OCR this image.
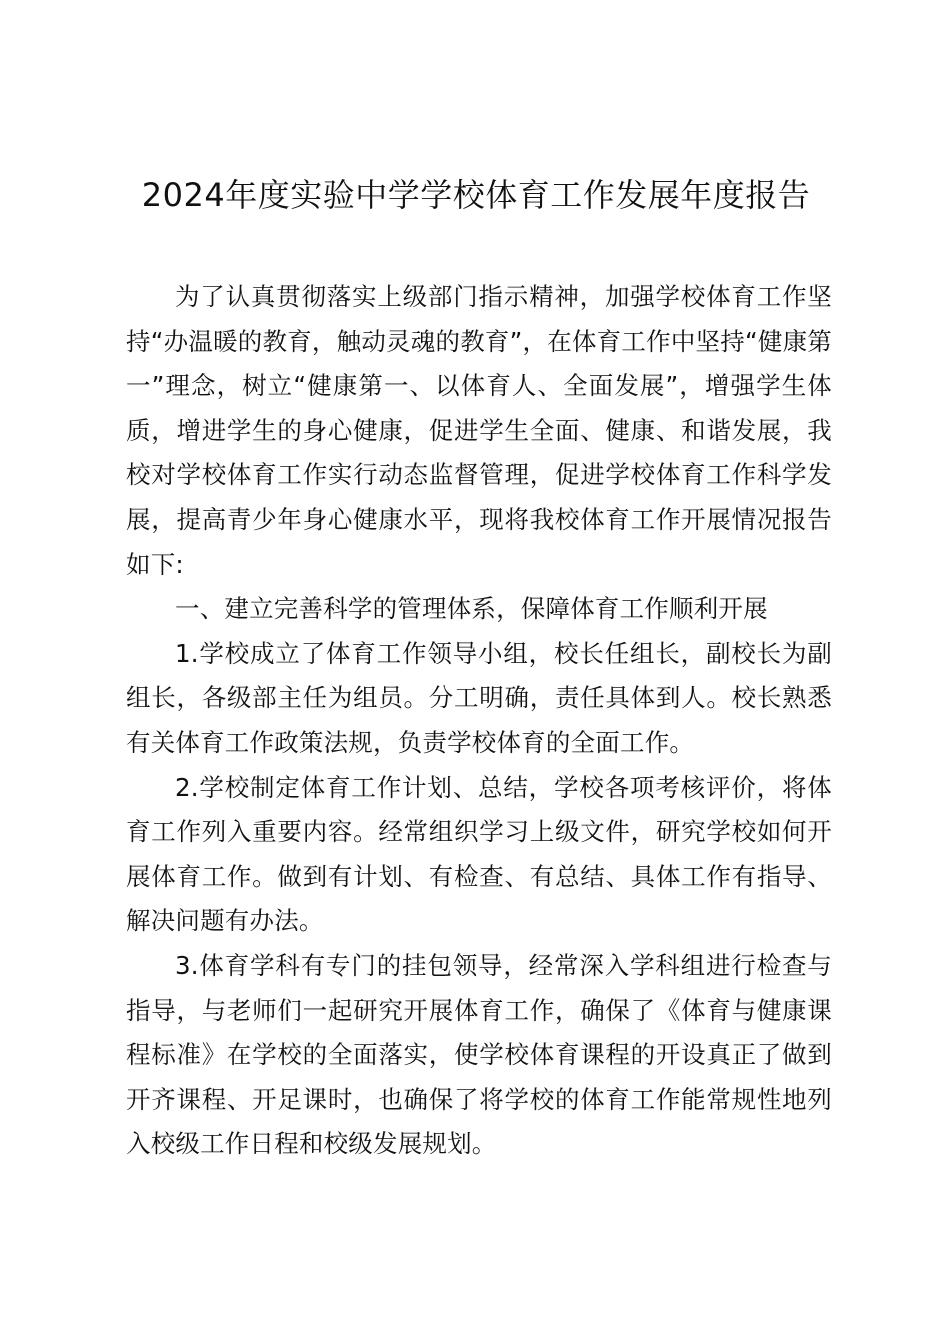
2024年度实验中学学校体育工作发展年度报告

为了认真贯彻落实上级部门指示精神，加强学校体育工作坚持“办温暖的教育，触动灵魂的教育”，在体育工作中坚持“健康第一”理念，树立“健康第一、以体育人、全面发展”，增强学生体质，增进学生的身心健康，促进学生全面、健康、和谐发展，我校对学校体育工作实行动态监督管理，促进学校体育工作科学发展，提高青少年身心健康水平，现将我校体育工作开展情况报告如下:

一、建立完善科学的管理体系，保障体育工作顺利开展

1.学校成立了体育工作领导小组，校长任组长，副校长为副组长，各级部主任为组员。分工明确，责任具体到人。校长熟悉有关体育工作政策法规，负责学校体育的全面工作。

2.学校制定体育工作计划、总结，学校各项考核评价，将体育工作列入重要内容。经常组织学习上级文件，研究学校如何开展体育工作。做到有计划、有检查、有总结、具体工作有指导、解决问题有办法。

3.体育学科有专门的挂包领导，经常深入学科组进行检查与指导，与老师们一起研究开展体育工作，确保了《体育与健康课程标准》在学校的全面落实，使学校体育课程的开设真正了做到开齐课程、开足课时，也确保了将学校的体育工作能常规性地列入校级工作日程和校级发展规划。
